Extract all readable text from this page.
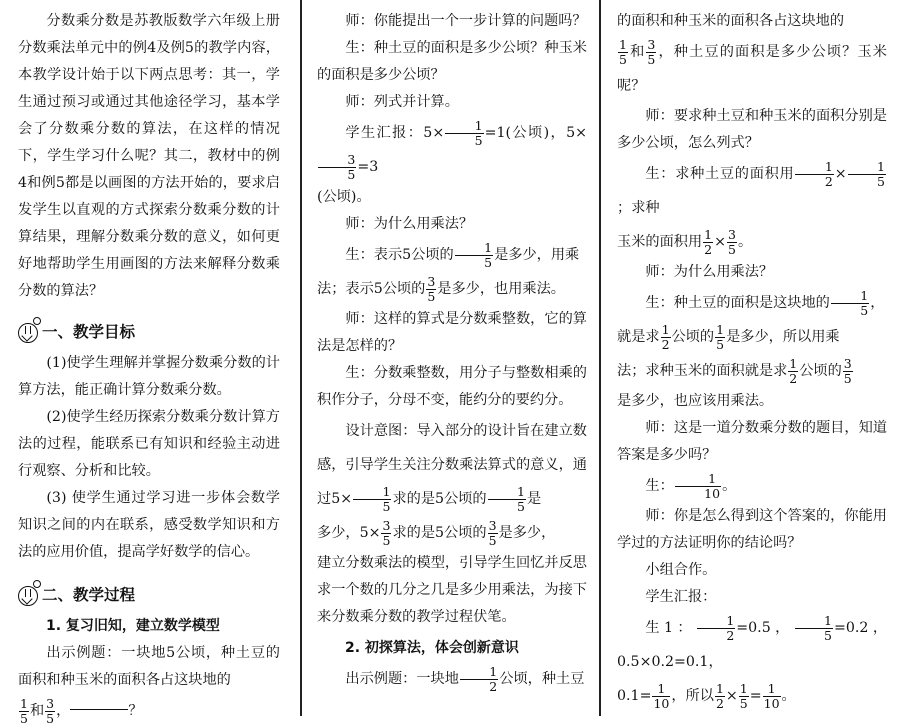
分数乘分数是苏教版数学六年级上册分数乘法单元中的例4及例5的教学内容，本教学设计始于以下两点思考：其一，学生通过预习或通过其他途径学习，基本学会了分数乘分数的算法，在这样的情况下，学生学习什么呢？其二，教材中的例4和例5都是以画图的方法开始的，要求启发学生以直观的方式探索分数乘分数的计算结果，理解分数乘分数的意义，如何更好地帮助学生用画图的方法来解释分数乘分数的算法？

一、教学目标

(1)使学生理解并掌握分数乘分数的计算方法，能正确计算分数乘分数。

(2)使学生经历探索分数乘分数计算方法的过程，能联系已有知识和经验主动进行观察、分析和比较。

(3) 使学生通过学习进一步体会数学知识之间的内在联系，感受数学知识和方法的应用价值，提高学好数学的信心。

二、教学过程

1. 复习旧知，建立数学模型

出示例题：一块地5公顷，种土豆的面积和种玉米的面积各占这块地的

$\frac{1}{5}$ 和 $\frac{3}{5}$ ，	？

师：你能提出一个一步计算的问题吗？

生：种土豆的面积是多少公顷？种玉米的面积是多少公顷？

师：列式并计算。

学生汇报：$5\times \frac{1}{5} =1$(公顷)，5×
$\frac{3}{5} =3$

(公顷)。

师：为什么用乘法？

生：表示5公顷的 $\frac{1}{5}$ 是多少，用乘

法；表示5公顷的 $\frac{3}{5}$ 是多少，也用乘法。

师：这样的算式是分数乘整数，它的算法是怎样的？

生：分数乘整数，用分子与整数相乘的积作分子，分母不变，能约分的要约分。

设计意图：导入部分的设计旨在建立数感，引导学生关注分数乘法算式的意义，通过$5\times \frac{1}{5}$ 求的是5公顷的 $\frac{1}{5}$ 是

多少，$5\times \frac{3}{5}$ 求的是5公顷的 $\frac{3}{5}$ 是多少，

建立分数乘法的模型，引导学生回忆并反思求一个数的几分之几是多少用乘法，为接下来分数乘分数的教学过程伏笔。

2. 初探算法，体会创新意识

出示例题：一块地 $\frac{1}{2}$ 公顷，种土豆

的面积和种玉米的面积各占这块地的

$\frac{1}{5}$ 和 $\frac{3}{5}$ ，种土豆的面积是多少公顷？玉米呢？

师：要求种土豆和种玉米的面积分别是多少公顷，怎么列式？

生：求种土豆的面积用 $\frac{1}{2} \times \frac{1}{5}$
；求种

玉米的面积用 $\frac{1}{2} \times \frac{3}{5}$ 。

师：为什么用乘法？

生：种土豆的面积是这块地的 $\frac{1}{5}$ ，

就是求 $\frac{1}{2}$ 公顷的 $\frac{1}{5}$ 是多少，所以用乘

法；求种玉米的面积就是求 $\frac{1}{2}$ 公顷的 $\frac{3}{5}$

是多少，也应该用乘法。

师：这是一道分数乘分数的题目，知道答案是多少吗？

生： $\frac{1}{10}$ 。

师：你是怎么得到这个答案的，你能用学过的方法证明你的结论吗？

小组合作。

学生汇报：

生1： $\frac{1}{2} =0.5$， $\frac{1}{5} =0.2$，0.5×0.2=0.1，

$0.1= \frac{1}{10}$ ，所以 $\frac{1}{2} \times \frac{1}{5} = \frac{1}{10}$ 。
